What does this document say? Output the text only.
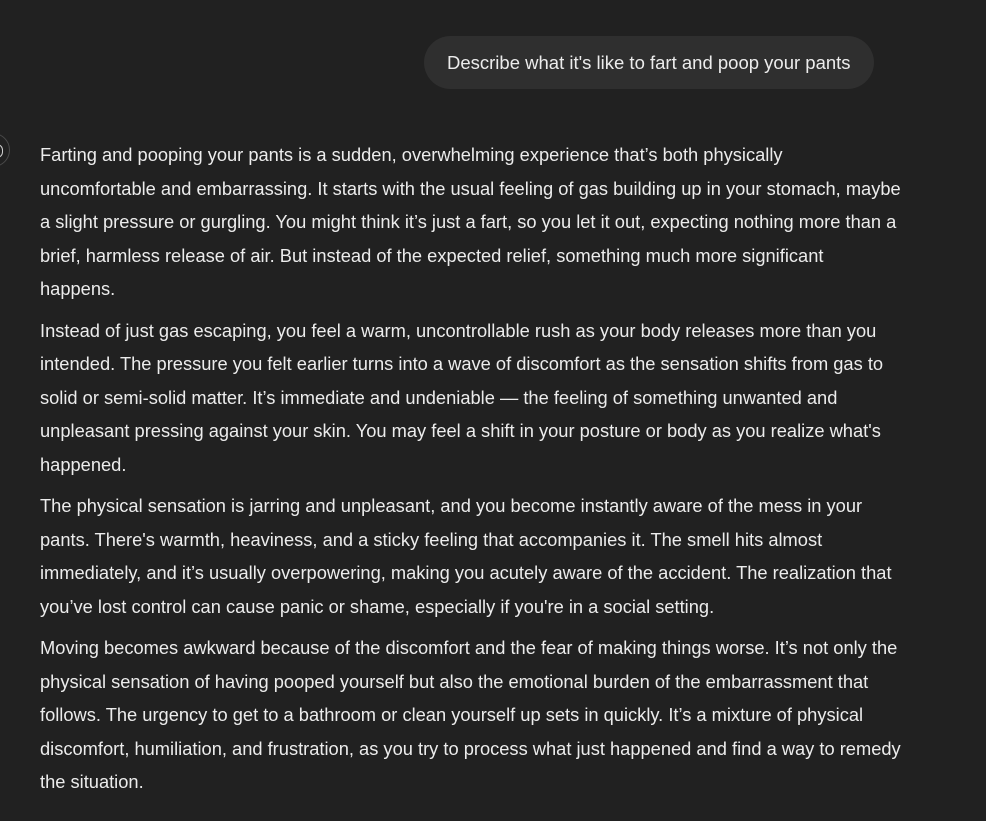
Describe what it's like to fart and poop your pants

Farting and pooping your pants is a sudden, overwhelming experience that’s both physically uncomfortable and embarrassing. It starts with the usual feeling of gas building up in your stomach, maybe a slight pressure or gurgling. You might think it’s just a fart, so you let it out, expecting nothing more than a brief, harmless release of air. But instead of the expected relief, something much more significant happens.

Instead of just gas escaping, you feel a warm, uncontrollable rush as your body releases more than you intended. The pressure you felt earlier turns into a wave of discomfort as the sensation shifts from gas to solid or semi-solid matter. It’s immediate and undeniable — the feeling of something unwanted and unpleasant pressing against your skin. You may feel a shift in your posture or body as you realize what's happened.

The physical sensation is jarring and unpleasant, and you become instantly aware of the mess in your pants. There's warmth, heaviness, and a sticky feeling that accompanies it. The smell hits almost immediately, and it’s usually overpowering, making you acutely aware of the accident. The realization that you’ve lost control can cause panic or shame, especially if you're in a social setting.

Moving becomes awkward because of the discomfort and the fear of making things worse. It’s not only the physical sensation of having pooped yourself but also the emotional burden of the embarrassment that follows. The urgency to get to a bathroom or clean yourself up sets in quickly. It’s a mixture of physical discomfort, humiliation, and frustration, as you try to process what just happened and find a way to remedy the situation.
